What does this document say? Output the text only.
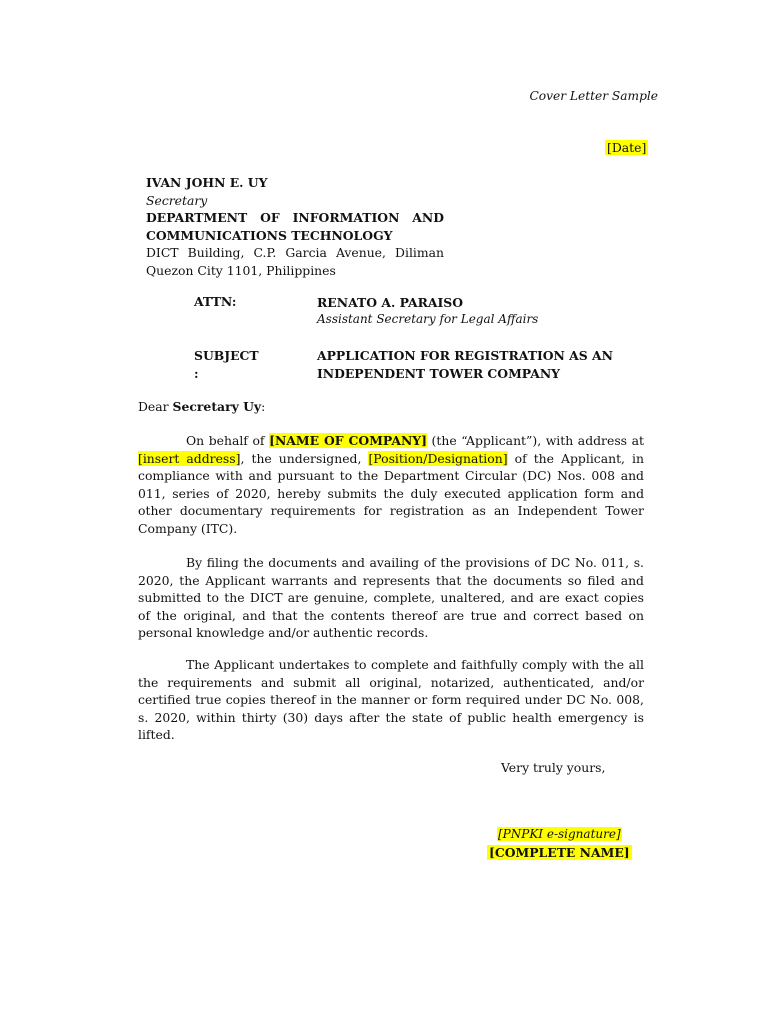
Cover Letter Sample
[Date]
IVAN JOHN E. UY
Secretary
DEPARTMENT OF INFORMATION AND
COMMUNICATIONS TECHNOLOGY
DICT Building, C.P. Garcia Avenue, Diliman
Quezon City 1101, Philippines
ATTN:	RENATO A. PARAISO
Assistant Secretary for Legal Affairs
SUBJECT
:
APPLICATION FOR REGISTRATION AS AN
INDEPENDENT TOWER COMPANY
Dear Secretary Uy:
On behalf of [NAME OF COMPANY] (the “Applicant”), with address at [insert address], the undersigned, [Position/Designation] of the Applicant, in compliance with and pursuant to the Department Circular (DC) Nos. 008 and 011, series of 2020, hereby submits the duly executed application form and other documentary requirements for registration as an Independent Tower Company (ITC).
By filing the documents and availing of the provisions of DC No. 011, s. 2020, the Applicant warrants and represents that the documents so filed and submitted to the DICT are genuine, complete, unaltered, and are exact copies of the original, and that the contents thereof are true and correct based on personal knowledge and/or authentic records.
The Applicant undertakes to complete and faithfully comply with the all the requirements and submit all original, notarized, authenticated, and/or certified true copies thereof in the manner or form required under DC No. 008, s. 2020, within thirty (30) days after the state of public health emergency is lifted.
Very truly yours,
[PNPKI e-signature]
[COMPLETE NAME]
